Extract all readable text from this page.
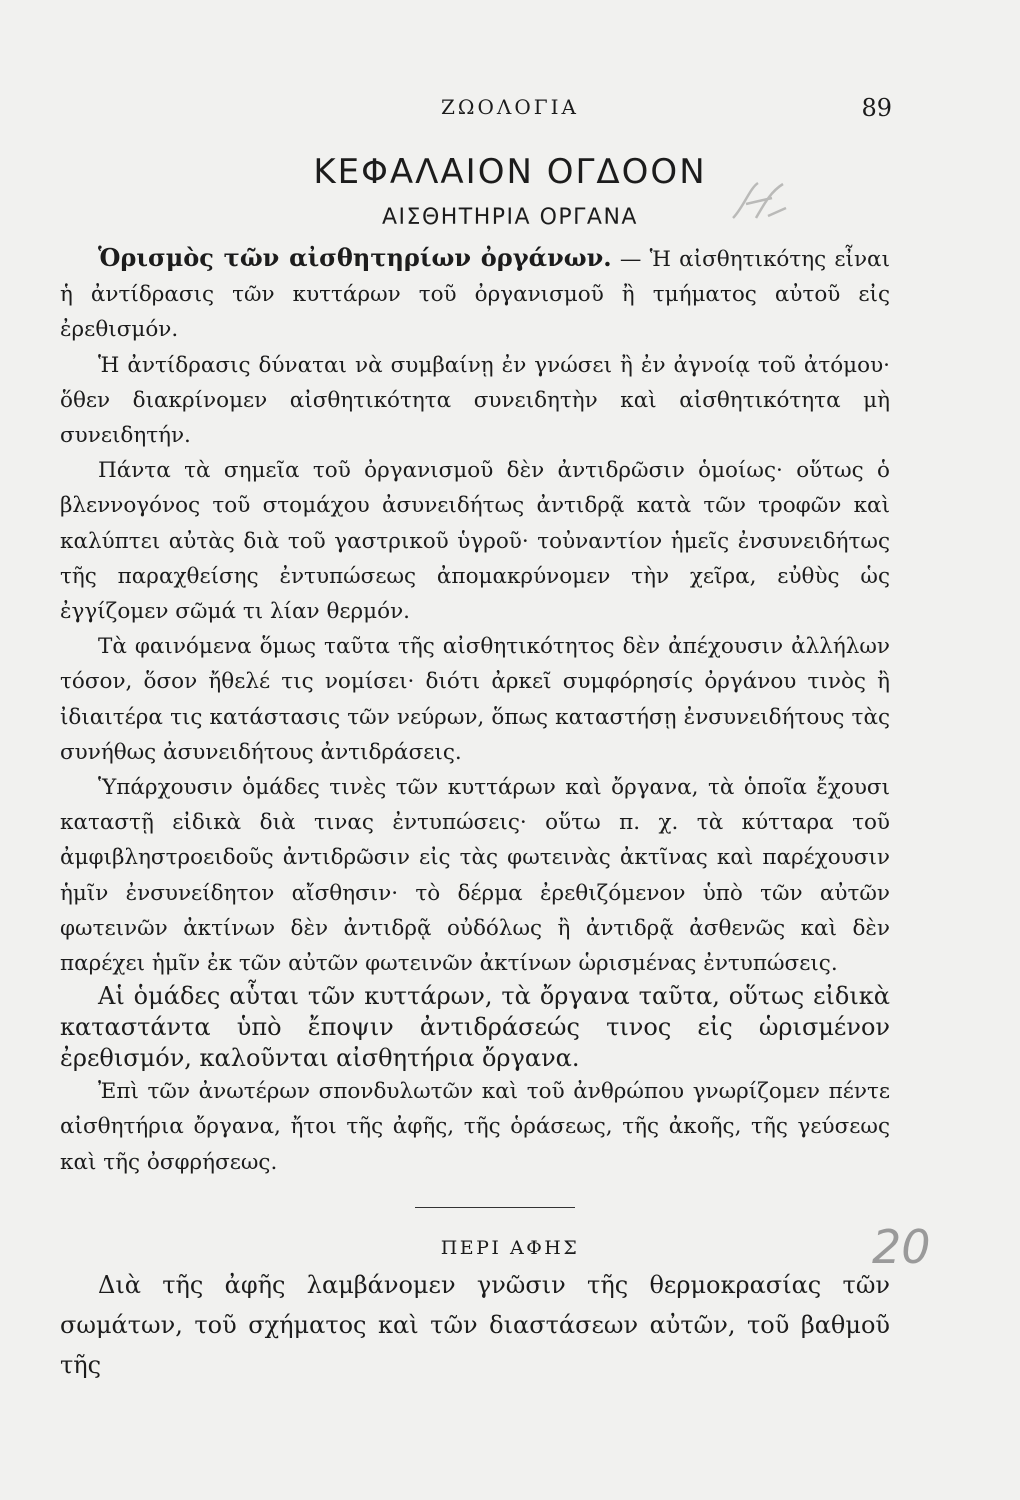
ΖΩΟΛΟΓΙΑ	89
ΚΕΦΑΛΑΙΟΝ ΟΓΔΟΟΝ
ΑΙΣΘΗΤΗΡΙΑ ΟΡΓΑΝΑ

Ὁρισμὸς τῶν αἰσθητηρίων ὀργάνων. — Ἡ αἰσθητικότης εἶναι ἡ ἀντίδρασις τῶν κυττάρων τοῦ ὀργανισμοῦ ἢ τμήματος αὐτοῦ εἰς ἐρεθισμόν.

Ἡ ἀντίδρασις δύναται νὰ συμβαίνῃ ἐν γνώσει ἢ ἐν ἀγνοίᾳ τοῦ ἀτόμου· ὅθεν διακρίνομεν αἰσθητικότητα συνειδητὴν καὶ αἰσθητικότητα μὴ συνειδητήν.

Πάντα τὰ σημεῖα τοῦ ὀργανισμοῦ δὲν ἀντιδρῶσιν ὁμοίως· οὕτως ὁ βλεννογόνος τοῦ στομάχου ἀσυνειδήτως ἀντιδρᾷ κατὰ τῶν τροφῶν καὶ καλύπτει αὐτὰς διὰ τοῦ γαστρικοῦ ὑγροῦ· τοὐναντίον ἡμεῖς ἐνσυνειδήτως τῆς παραχθείσης ἐντυπώσεως ἀπομακρύνομεν τὴν χεῖρα, εὐθὺς ὡς ἐγγίζομεν σῶμά τι λίαν θερμόν.

Τὰ φαινόμενα ὅμως ταῦτα τῆς αἰσθητικότητος δὲν ἀπέχουσιν ἀλλήλων τόσον, ὅσον ἤθελέ τις νομίσει· διότι ἀρκεῖ συμφόρησίς ὀργάνου τινὸς ἢ ἰδιαιτέρα τις κατάστασις τῶν νεύρων, ὅπως καταστήσῃ ἐνσυνειδήτους τὰς συνήθως ἀσυνειδήτους ἀντιδράσεις.

Ὑπάρχουσιν ὁμάδες τινὲς τῶν κυττάρων καὶ ὄργανα, τὰ ὁποῖα ἔχουσι καταστῇ εἰδικὰ διὰ τινας ἐντυπώσεις· οὕτω π. χ. τὰ κύτταρα τοῦ ἀμφιβληστροειδοῦς ἀντιδρῶσιν εἰς τὰς φωτεινὰς ἀκτῖνας καὶ παρέχουσιν ἡμῖν ἐνσυνείδητον αἴσθησιν· τὸ δέρμα ἐρεθιζόμενον ὑπὸ τῶν αὐτῶν φωτεινῶν ἀκτίνων δὲν ἀντιδρᾷ οὐδόλως ἢ ἀντιδρᾷ ἀσθενῶς καὶ δὲν παρέχει ἡμῖν ἐκ τῶν αὐτῶν φωτεινῶν ἀκτίνων ὡρισμένας ἐντυπώσεις.

Αἱ ὁμάδες αὗται τῶν κυττάρων, τὰ ὄργανα ταῦτα, οὕτως εἰδικὰ καταστάντα ὑπὸ ἔποψιν ἀντιδράσεώς τινος εἰς ὡρισμένον ἐρεθισμόν, καλοῦνται αἰσθητήρια ὄργανα.

Ἐπὶ τῶν ἀνωτέρων σπονδυλωτῶν καὶ τοῦ ἀνθρώπου γνωρίζομεν πέντε αἰσθητήρια ὄργανα, ἤτοι τῆς ἀφῆς, τῆς ὁράσεως, τῆς ἀκοῆς, τῆς γεύσεως καὶ τῆς ὀσφρήσεως.

ΠΕΡΙ ΑΦΗΣ

Διὰ τῆς ἀφῆς λαμβάνομεν γνῶσιν τῆς θερμοκρασίας τῶν σωμάτων, τοῦ σχήματος καὶ τῶν διαστάσεων αὐτῶν, τοῦ βαθμοῦ τῆς

20
